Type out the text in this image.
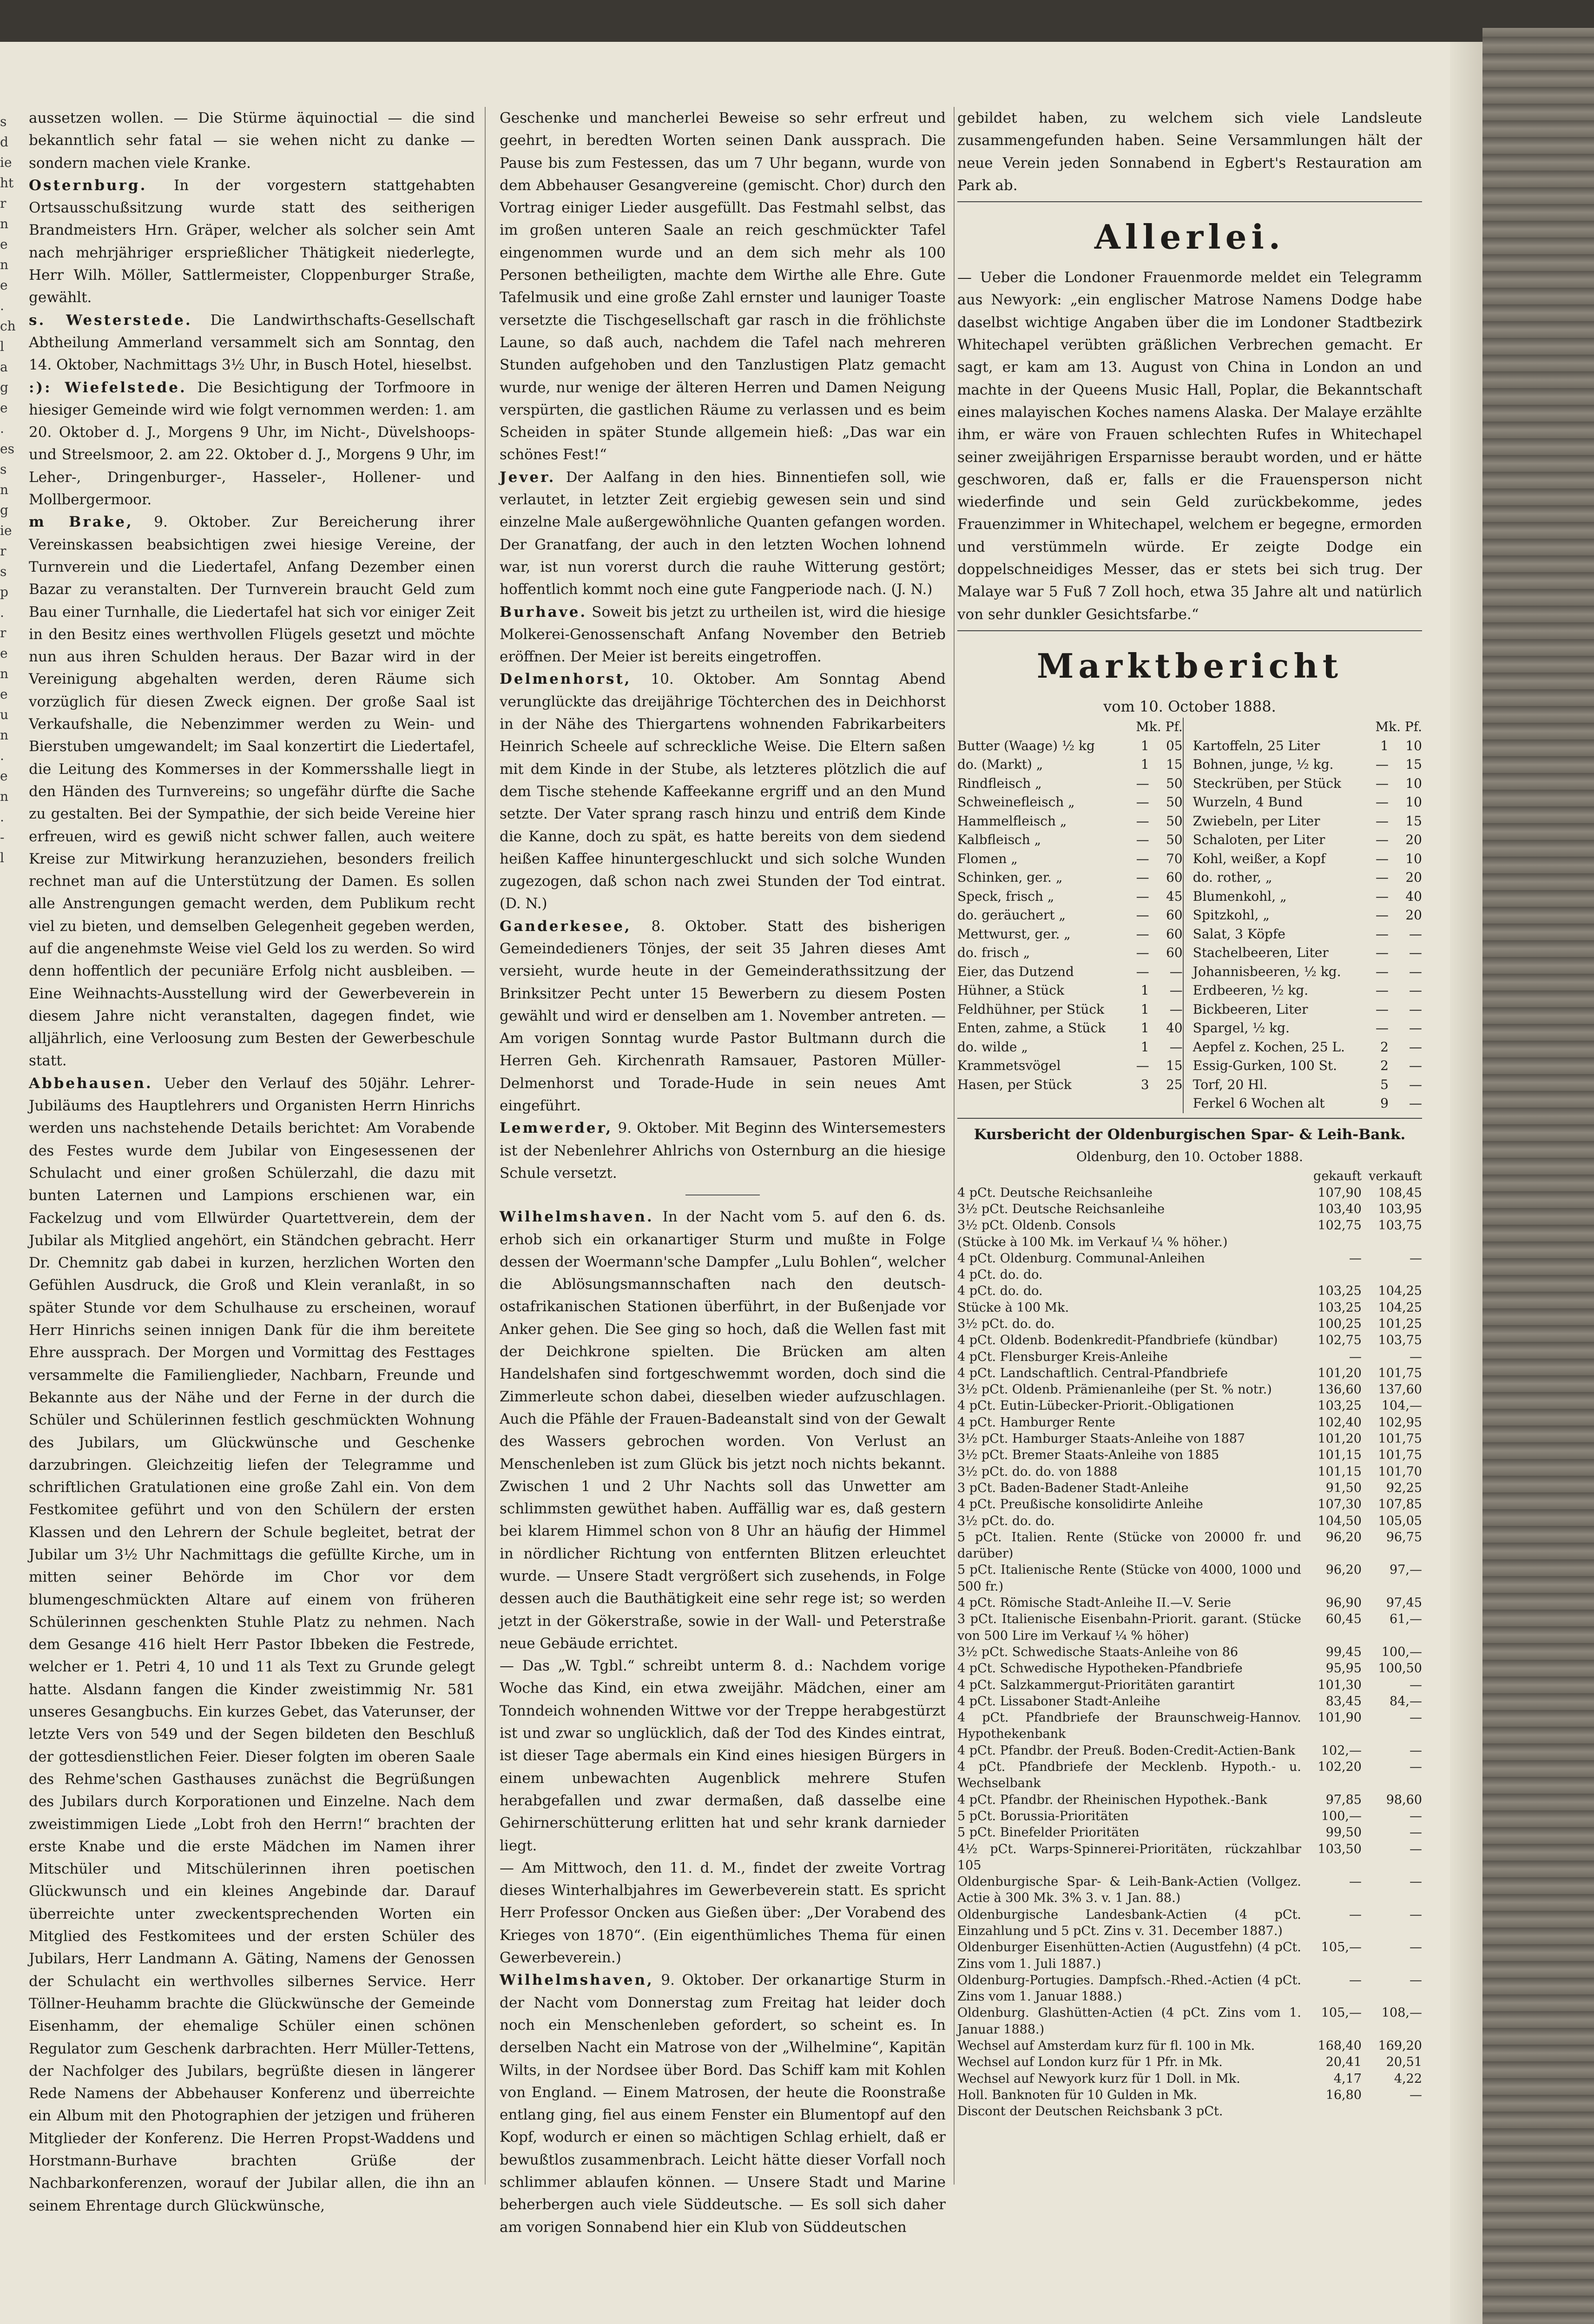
s
d
ie
ht
r
n
e
n
e
.
ch
l
a
g
e
.
es
s
n
g
ie
r
s
p
.
r
e
n
e
u
n
.
e
n
.
-
l

aussetzen wollen. — Die Stürme äquinoctial — die sind bekanntlich sehr fatal — sie wehen nicht zu danke — sondern machen viele Kranke.

Osternburg. In der vorgestern stattgehabten Ortsausschußsitzung wurde statt des seitherigen Brandmeisters Hrn. Gräper, welcher als solcher sein Amt nach mehrjähriger ersprießlicher Thätigkeit niederlegte, Herr Wilh. Möller, Sattlermeister, Cloppenburger Straße, gewählt.

s. Westerstede. Die Landwirthschafts-Gesellschaft Abtheilung Ammerland versammelt sich am Sonntag, den 14. Oktober, Nachmittags 3½ Uhr, in Busch Hotel, hieselbst.

:): Wiefelstede. Die Besichtigung der Torfmoore in hiesiger Gemeinde wird wie folgt vernommen werden: 1. am 20. Oktober d. J., Morgens 9 Uhr, im Nicht-, Düvelshoops- und Streelsmoor, 2. am 22. Oktober d. J., Morgens 9 Uhr, im Leher-, Dringenburger-, Hasseler-, Hollener- und Mollbergermoor.

m Brake, 9. Oktober. Zur Bereicherung ihrer Vereinskassen beabsichtigen zwei hiesige Vereine, der Turnverein und die Liedertafel, Anfang Dezember einen Bazar zu veranstalten. Der Turnverein braucht Geld zum Bau einer Turnhalle, die Liedertafel hat sich vor einiger Zeit in den Besitz eines werthvollen Flügels gesetzt und möchte nun aus ihren Schulden heraus. Der Bazar wird in der Vereinigung abgehalten werden, deren Räume sich vorzüglich für diesen Zweck eignen. Der große Saal ist Verkaufshalle, die Nebenzimmer werden zu Wein- und Bierstuben umgewandelt; im Saal konzertirt die Liedertafel, die Leitung des Kommerses in der Kommersshalle liegt in den Händen des Turnvereins; so ungefähr dürfte die Sache zu gestalten. Bei der Sympathie, der sich beide Vereine hier erfreuen, wird es gewiß nicht schwer fallen, auch weitere Kreise zur Mitwirkung heranzuziehen, besonders freilich rechnet man auf die Unterstützung der Damen. Es sollen alle Anstrengungen gemacht werden, dem Publikum recht viel zu bieten, und demselben Gelegenheit gegeben werden, auf die angenehmste Weise viel Geld los zu werden. So wird denn hoffentlich der pecuniäre Erfolg nicht ausbleiben. — Eine Weihnachts-Ausstellung wird der Gewerbeverein in diesem Jahre nicht veranstalten, dagegen findet, wie alljährlich, eine Verloosung zum Besten der Gewerbeschule statt.

Abbehausen. Ueber den Verlauf des 50jähr. Lehrer-Jubiläums des Hauptlehrers und Organisten Herrn Hinrichs werden uns nachstehende Details berichtet: Am Vorabende des Festes wurde dem Jubilar von Eingesessenen der Schulacht und einer großen Schülerzahl, die dazu mit bunten Laternen und Lampions erschienen war, ein Fackelzug und vom Ellwürder Quartettverein, dem der Jubilar als Mitglied angehört, ein Ständchen gebracht. Herr Dr. Chemnitz gab dabei in kurzen, herzlichen Worten den Gefühlen Ausdruck, die Groß und Klein veranlaßt, in so später Stunde vor dem Schulhause zu erscheinen, worauf Herr Hinrichs seinen innigen Dank für die ihm bereitete Ehre aussprach. Der Morgen und Vormittag des Festtages versammelte die Familienglieder, Nachbarn, Freunde und Bekannte aus der Nähe und der Ferne in der durch die Schüler und Schülerinnen festlich geschmückten Wohnung des Jubilars, um Glückwünsche und Geschenke darzubringen. Gleichzeitig liefen der Telegramme und schriftlichen Gratulationen eine große Zahl ein. Von dem Festkomitee geführt und von den Schülern der ersten Klassen und den Lehrern der Schule begleitet, betrat der Jubilar um 3½ Uhr Nachmittags die gefüllte Kirche, um in mitten seiner Behörde im Chor vor dem blumengeschmückten Altare auf einem von früheren Schülerinnen geschenkten Stuhle Platz zu nehmen. Nach dem Gesange 416 hielt Herr Pastor Ibbeken die Festrede, welcher er 1. Petri 4, 10 und 11 als Text zu Grunde gelegt hatte. Alsdann fangen die Kinder zweistimmig Nr. 581 unseres Gesangbuchs. Ein kurzes Gebet, das Vaterunser, der letzte Vers von 549 und der Segen bildeten den Beschluß der gottesdienstlichen Feier. Dieser folgten im oberen Saale des Rehme'schen Gasthauses zunächst die Begrüßungen des Jubilars durch Korporationen und Einzelne. Nach dem zweistimmigen Liede „Lobt froh den Herrn!“ brachten der erste Knabe und die erste Mädchen im Namen ihrer Mitschüler und Mitschülerinnen ihren poetischen Glückwunsch und ein kleines Angebinde dar. Darauf überreichte unter zweckentsprechenden Worten ein Mitglied des Festkomitees und der ersten Schüler des Jubilars, Herr Landmann A. Gäting, Namens der Genossen der Schulacht ein werthvolles silbernes Service. Herr Töllner-Heuhamm brachte die Glückwünsche der Gemeinde Eisenhamm, der ehemalige Schüler einen schönen Regulator zum Geschenk darbrachten. Herr Müller-Tettens, der Nachfolger des Jubilars, begrüßte diesen in längerer Rede Namens der Abbehauser Konferenz und überreichte ein Album mit den Photographien der jetzigen und früheren Mitglieder der Konferenz. Die Herren Propst-Waddens und Horstmann-Burhave brachten Grüße der Nachbarkonferenzen, worauf der Jubilar allen, die ihn an seinem Ehrentage durch Glückwünsche,

Geschenke und mancherlei Beweise so sehr erfreut und geehrt, in beredten Worten seinen Dank aussprach. Die Pause bis zum Festessen, das um 7 Uhr begann, wurde von dem Abbehauser Gesangvereine (gemischt. Chor) durch den Vortrag einiger Lieder ausgefüllt. Das Festmahl selbst, das im großen unteren Saale an reich geschmückter Tafel eingenommen wurde und an dem sich mehr als 100 Personen betheiligten, machte dem Wirthe alle Ehre. Gute Tafelmusik und eine große Zahl ernster und launiger Toaste versetzte die Tischgesellschaft gar rasch in die fröhlichste Laune, so daß auch, nachdem die Tafel nach mehreren Stunden aufgehoben und den Tanzlustigen Platz gemacht wurde, nur wenige der älteren Herren und Damen Neigung verspürten, die gastlichen Räume zu verlassen und es beim Scheiden in später Stunde allgemein hieß: „Das war ein schönes Fest!“

Jever. Der Aalfang in den hies. Binnentiefen soll, wie verlautet, in letzter Zeit ergiebig gewesen sein und sind einzelne Male außergewöhnliche Quanten gefangen worden. Der Granatfang, der auch in den letzten Wochen lohnend war, ist nun vorerst durch die rauhe Witterung gestört; hoffentlich kommt noch eine gute Fangperiode nach. (J. N.)

Burhave. Soweit bis jetzt zu urtheilen ist, wird die hiesige Molkerei-Genossenschaft Anfang November den Betrieb eröffnen. Der Meier ist bereits eingetroffen.

Delmenhorst, 10. Oktober. Am Sonntag Abend verunglückte das dreijährige Töchterchen des in Deichhorst in der Nähe des Thiergartens wohnenden Fabrikarbeiters Heinrich Scheele auf schreckliche Weise. Die Eltern saßen mit dem Kinde in der Stube, als letzteres plötzlich die auf dem Tische stehende Kaffeekanne ergriff und an den Mund setzte. Der Vater sprang rasch hinzu und entriß dem Kinde die Kanne, doch zu spät, es hatte bereits von dem siedend heißen Kaffee hinuntergeschluckt und sich solche Wunden zugezogen, daß schon nach zwei Stunden der Tod eintrat. (D. N.)

Ganderkesee, 8. Oktober. Statt des bisherigen Gemeindedieners Tönjes, der seit 35 Jahren dieses Amt versieht, wurde heute in der Gemeinderathssitzung der Brinksitzer Pecht unter 15 Bewerbern zu diesem Posten gewählt und wird er denselben am 1. November antreten. — Am vorigen Sonntag wurde Pastor Bultmann durch die Herren Geh. Kirchenrath Ramsauer, Pastoren Müller-Delmenhorst und Torade-Hude in sein neues Amt eingeführt.

Lemwerder, 9. Oktober. Mit Beginn des Wintersemesters ist der Nebenlehrer Ahlrichs von Osternburg an die hiesige Schule versetzt.

Wilhelmshaven. In der Nacht vom 5. auf den 6. ds. erhob sich ein orkanartiger Sturm und mußte in Folge dessen der Woermann'sche Dampfer „Lulu Bohlen“, welcher die Ablösungsmannschaften nach den deutsch-ostafrikanischen Stationen überführt, in der Bußenjade vor Anker gehen. Die See ging so hoch, daß die Wellen fast mit der Deichkrone spielten. Die Brücken am alten Handelshafen sind fortgeschwemmt worden, doch sind die Zimmerleute schon dabei, dieselben wieder aufzuschlagen. Auch die Pfähle der Frauen-Badeanstalt sind von der Gewalt des Wassers gebrochen worden. Von Verlust an Menschenleben ist zum Glück bis jetzt noch nichts bekannt. Zwischen 1 und 2 Uhr Nachts soll das Unwetter am schlimmsten gewüthet haben. Auffällig war es, daß gestern bei klarem Himmel schon von 8 Uhr an häufig der Himmel in nördlicher Richtung von entfernten Blitzen erleuchtet wurde. — Unsere Stadt vergrößert sich zusehends, in Folge dessen auch die Bauthätigkeit eine sehr rege ist; so werden jetzt in der Gökerstraße, sowie in der Wall- und Peterstraße neue Gebäude errichtet.

— Das „W. Tgbl.“ schreibt unterm 8. d.: Nachdem vorige Woche das Kind, ein etwa zweijähr. Mädchen, einer am Tonndeich wohnenden Wittwe vor der Treppe herabgestürzt ist und zwar so unglücklich, daß der Tod des Kindes eintrat, ist dieser Tage abermals ein Kind eines hiesigen Bürgers in einem unbewachten Augenblick mehrere Stufen herabgefallen und zwar dermaßen, daß dasselbe eine Gehirnerschütterung erlitten hat und sehr krank darnieder liegt.

— Am Mittwoch, den 11. d. M., findet der zweite Vortrag dieses Winterhalbjahres im Gewerbeverein statt. Es spricht Herr Professor Oncken aus Gießen über: „Der Vorabend des Krieges von 1870“. (Ein eigenthümliches Thema für einen Gewerbeverein.)

Wilhelmshaven, 9. Oktober. Der orkanartige Sturm in der Nacht vom Donnerstag zum Freitag hat leider doch noch ein Menschenleben gefordert, so scheint es. In derselben Nacht ein Matrose von der „Wilhelmine“, Kapitän Wilts, in der Nordsee über Bord. Das Schiff kam mit Kohlen von England. — Einem Matrosen, der heute die Roonstraße entlang ging, fiel aus einem Fenster ein Blumentopf auf den Kopf, wodurch er einen so mächtigen Schlag erhielt, daß er bewußtlos zusammenbrach. Leicht hätte dieser Vorfall noch schlimmer ablaufen können. — Unsere Stadt und Marine beherbergen auch viele Süddeutsche. — Es soll sich daher am vorigen Sonnabend hier ein Klub von Süddeutschen

gebildet haben, zu welchem sich viele Landsleute zusammengefunden haben. Seine Versammlungen hält der neue Verein jeden Sonnabend in Egbert's Restauration am Park ab.

Allerlei.

— Ueber die Londoner Frauenmorde meldet ein Telegramm aus Newyork: „ein englischer Matrose Namens Dodge habe daselbst wichtige Angaben über die im Londoner Stadtbezirk Whitechapel verübten gräßlichen Verbrechen gemacht. Er sagt, er kam am 13. August von China in London an und machte in der Queens Music Hall, Poplar, die Bekanntschaft eines malayischen Koches namens Alaska. Der Malaye erzählte ihm, er wäre von Frauen schlechten Rufes in Whitechapel seiner zweijährigen Ersparnisse beraubt worden, und er hätte geschworen, daß er, falls er die Frauensperson nicht wiederfinde und sein Geld zurückbekomme, jedes Frauenzimmer in Whitechapel, welchem er begegne, ermorden und verstümmeln würde. Er zeigte Dodge ein doppelschneidiges Messer, das er stets bei sich trug. Der Malaye war 5 Fuß 7 Zoll hoch, etwa 35 Jahre alt und natürlich von sehr dunkler Gesichtsfarbe.“

Marktbericht
vom 10. October 1888.
	Mk. Pf.				Mk. Pf.	
Butter (Waage) ½ kg	1	05		Kartoffeln, 25 Liter	1	10
do. (Markt) „	1	15		Bohnen, junge, ½ kg.	—	15
Rindfleisch „	—	50		Steckrüben, per Stück	—	10
Schweinefleisch „	—	50		Wurzeln, 4 Bund	—	10
Hammelfleisch „	—	50		Zwiebeln, per Liter	—	15
Kalbfleisch „	—	50		Schaloten, per Liter	—	20
Flomen „	—	70		Kohl, weißer, a Kopf	—	10
Schinken, ger. „	—	60		do. rother, „	—	20
Speck, frisch „	—	45		Blumenkohl, „	—	40
do. geräuchert „	—	60		Spitzkohl, „	—	20
Mettwurst, ger. „	—	60		Salat, 3 Köpfe	—	—
do. frisch „	—	60		Stachelbeeren, Liter	—	—
Eier, das Dutzend	—	—		Johannisbeeren, ½ kg.	—	—
Hühner, a Stück	1	—		Erdbeeren, ½ kg.	—	—
Feldhühner, per Stück	1	—		Bickbeeren, Liter	—	—
Enten, zahme, a Stück	1	40		Spargel, ½ kg.	—	—
do. wilde „	1	—		Aepfel z. Kochen, 25 L.	2	—
Krammetsvögel	—	15		Essig-Gurken, 100 St.	2	—
Hasen, per Stück	3	25		Torf, 20 Hl.	5	—
				Ferkel 6 Wochen alt	9	—
Kursbericht der Oldenburgischen Spar- & Leih-Bank.
Oldenburg, den 10. October 1888.
	gekauft	verkauft
4 pCt. Deutsche Reichsanleihe	107,90	108,45
3½ pCt. Deutsche Reichsanleihe	103,40	103,95
3½ pCt. Oldenb. Consols	102,75	103,75
(Stücke à 100 Mk. im Verkauf ¼ % höher.)		
4 pCt. Oldenburg. Communal-Anleihen	—	—
4 pCt. do. do.		
4 pCt. do. do.	103,25	104,25
Stücke à 100 Mk.	103,25	104,25
3½ pCt. do. do.	100,25	101,25
4 pCt. Oldenb. Bodenkredit-Pfandbriefe (kündbar)	102,75	103,75
4 pCt. Flensburger Kreis-Anleihe	—	—
4 pCt. Landschaftlich. Central-Pfandbriefe	101,20	101,75
3½ pCt. Oldenb. Prämienanleihe (per St. % notr.)	136,60	137,60
4 pCt. Eutin-Lübecker-Priorit.-Obligationen	103,25	104,—
4 pCt. Hamburger Rente	102,40	102,95
3½ pCt. Hamburger Staats-Anleihe von 1887	101,20	101,75
3½ pCt. Bremer Staats-Anleihe von 1885	101,15	101,75
3½ pCt. do. do. von 1888	101,15	101,70
3 pCt. Baden-Badener Stadt-Anleihe	91,50	92,25
4 pCt. Preußische konsolidirte Anleihe	107,30	107,85
3½ pCt. do. do.	104,50	105,05
5 pCt. Italien. Rente (Stücke von 20000 fr. und darüber)	96,20	96,75
5 pCt. Italienische Rente (Stücke von 4000, 1000 und 500 fr.)	96,20	97,—
4 pCt. Römische Stadt-Anleihe II.—V. Serie	96,90	97,45
3 pCt. Italienische Eisenbahn-Priorit. garant. (Stücke von 500 Lire im Verkauf ¼ % höher)	60,45	61,—
3½ pCt. Schwedische Staats-Anleihe von 86	99,45	100,—
4 pCt. Schwedische Hypotheken-Pfandbriefe	95,95	100,50
4 pCt. Salzkammergut-Prioritäten garantirt	101,30	—
4 pCt. Lissaboner Stadt-Anleihe	83,45	84,—
4 pCt. Pfandbriefe der Braunschweig-Hannov. Hypothekenbank	101,90	—
4 pCt. Pfandbr. der Preuß. Boden-Credit-Actien-Bank	102,—	—
4 pCt. Pfandbriefe der Mecklenb. Hypoth.- u. Wechselbank	102,20	—
4 pCt. Pfandbr. der Rheinischen Hypothek.-Bank	97,85	98,60
5 pCt. Borussia-Prioritäten	100,—	—
5 pCt. Binefelder Prioritäten	99,50	—
4½ pCt. Warps-Spinnerei-Prioritäten, rückzahlbar 105	103,50	—
Oldenburgische Spar- & Leih-Bank-Actien (Vollgez. Actie à 300 Mk. 3% 3. v. 1 Jan. 88.)	—	—
Oldenburgische Landesbank-Actien (4 pCt. Einzahlung und 5 pCt. Zins v. 31. December 1887.)	—	—
Oldenburger Eisenhütten-Actien (Augustfehn) (4 pCt. Zins vom 1. Juli 1887.)	105,—	—
Oldenburg-Portugies. Dampfsch.-Rhed.-Actien (4 pCt. Zins vom 1. Januar 1888.)	—	—
Oldenburg. Glashütten-Actien (4 pCt. Zins vom 1. Januar 1888.)	105,—	108,—
Wechsel auf Amsterdam kurz für fl. 100 in Mk.	168,40	169,20
Wechsel auf London kurz für 1 Pfr. in Mk.	20,41	20,51
Wechsel auf Newyork kurz für 1 Doll. in Mk.	4,17	4,22
Holl. Banknoten für 10 Gulden in Mk.	16,80	—
Discont der Deutschen Reichsbank 3 pCt.		
